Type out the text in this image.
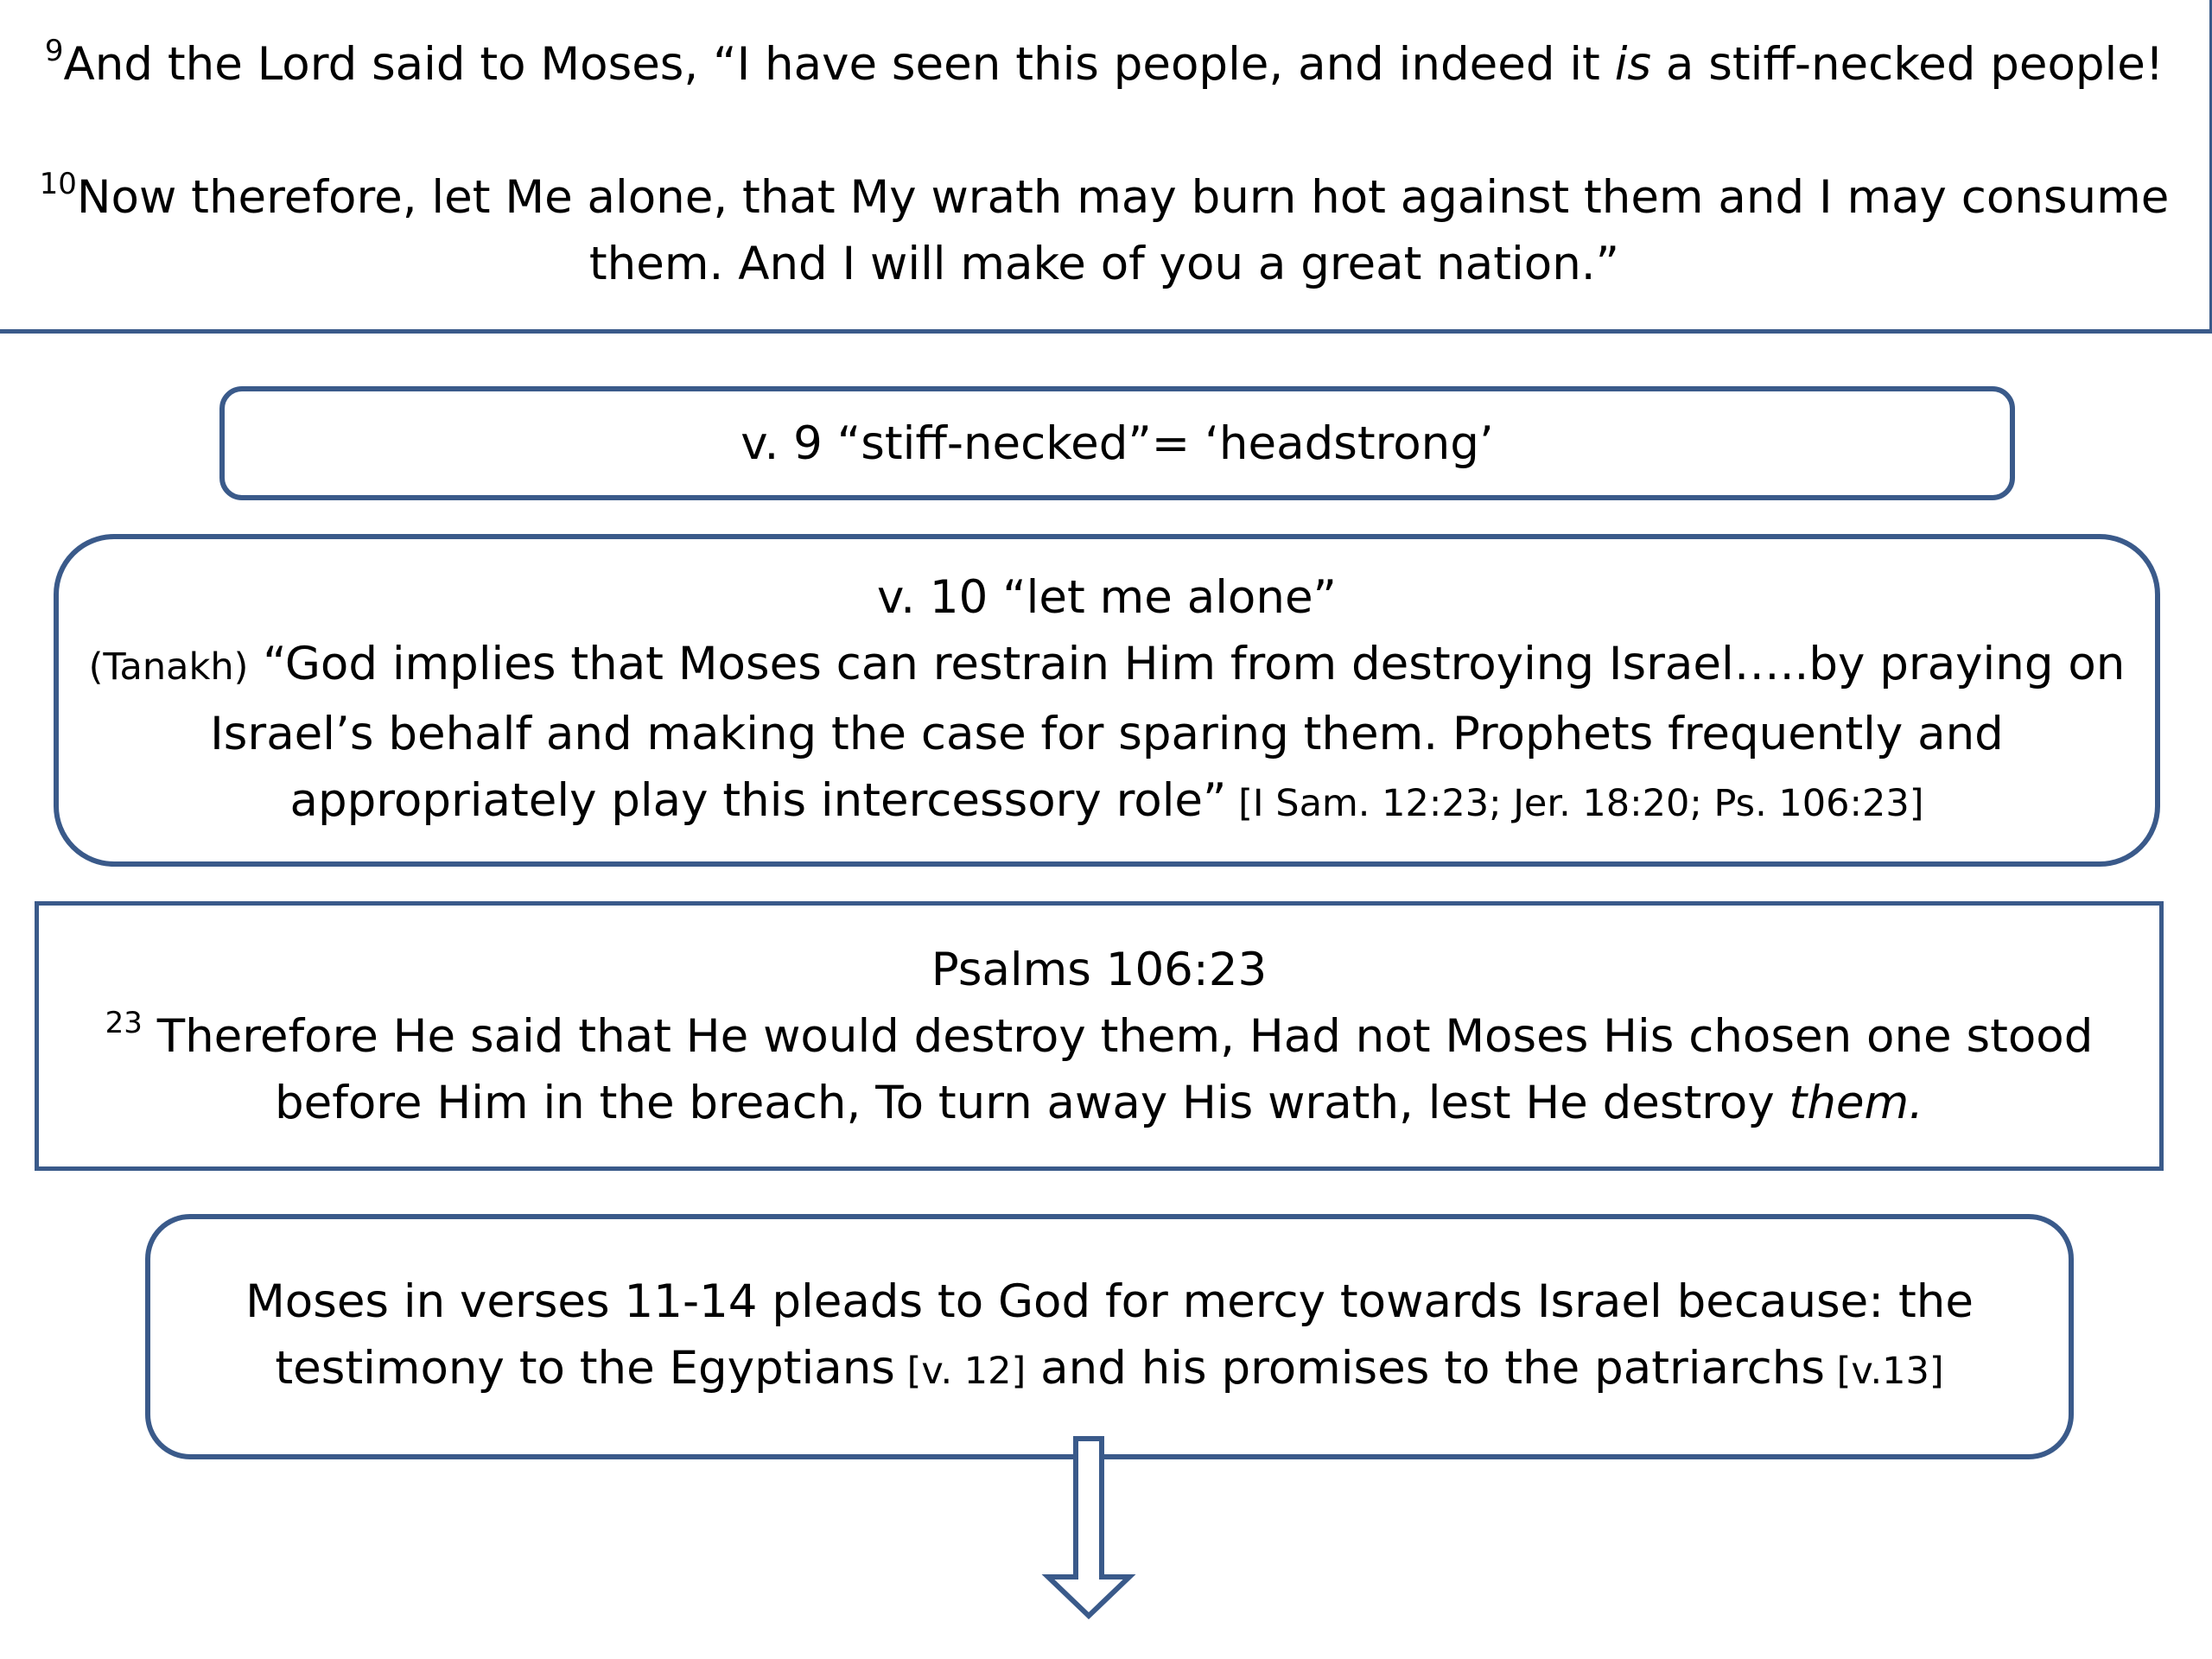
$^9$And the Lord said to Moses, “I have seen this people, and indeed it is a stiff-necked people!

$^{10}$Now therefore, let Me alone, that My wrath may burn hot against them and I may consume them. And I will make of you a great nation.”

v. 9 “stiff-necked”= ‘headstrong’

v. 10 “let me alone”

(Tanakh) “God implies that Moses can restrain Him from destroying Israel…..by praying on Israel’s behalf and making the case for sparing them. Prophets frequently and appropriately play this intercessory role” [I Sam. 12:23; Jer. 18:20; Ps. 106:23]

Psalms 106:23

$^{23}$ Therefore He said that He would destroy them, Had not Moses His chosen one stood before Him in the breach, To turn away His wrath, lest He destroy them.

Moses in verses 11-14 pleads to God for mercy towards Israel because: the testimony to the Egyptians [v. 12] and his promises to the patriarchs [v.13]
